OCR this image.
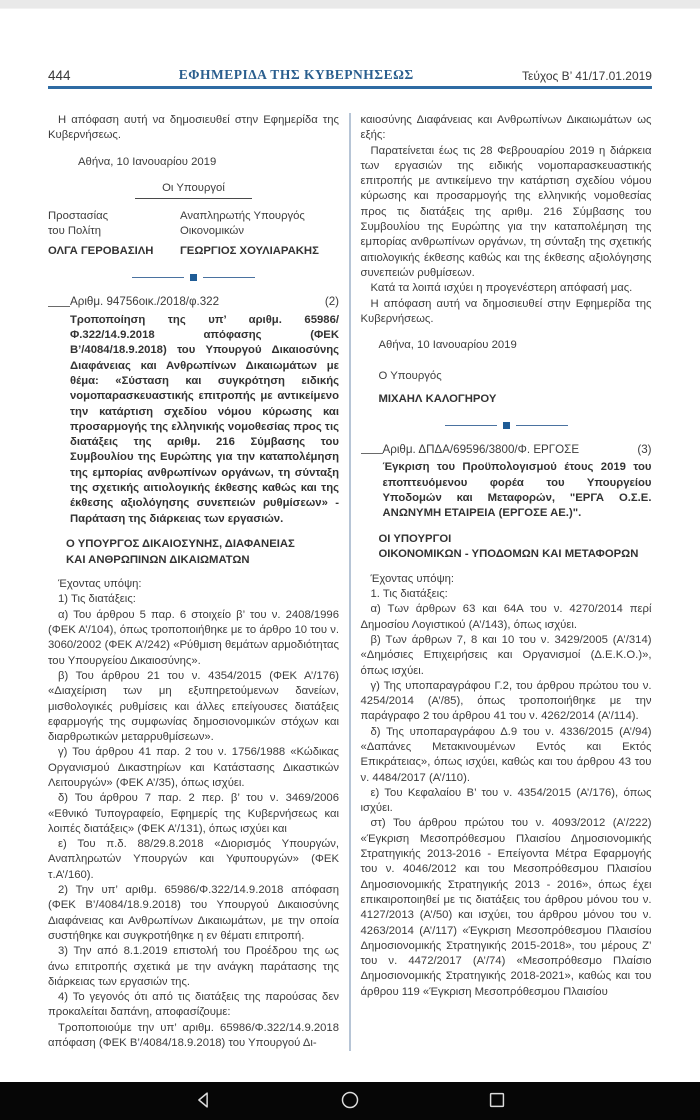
444	ΕΦΗΜΕΡΙΔΑ ΤΗΣ ΚΥΒΕΡΝΗΣΕΩΣ	Τεύχος Β’ 41/17.01.2019

Η απόφαση αυτή να δημοσιευθεί στην Εφημερίδα της Κυβερνήσεως.

Αθήνα, 10 Ιανουαρίου 2019

Οι Υπουργοί
Προστασίας
του Πολίτη
ΟΛΓΑ ΓΕΡΟΒΑΣΙΛΗ
Αναπληρωτής Υπουργός
Οικονομικών
ΓΕΩΡΓΙΟΣ ΧΟΥΛΙΑΡΑΚΗΣ

Αριθμ. 94756οικ./2018/φ.322	(2)

Τροποποίηση της υπ’ αριθμ. 65986/Φ.322/14.9.2018 απόφασης (ΦΕΚ Β’/4084/18.9.2018) του Υπουργού Δικαιοσύνης Διαφάνειας και Ανθρωπίνων Δικαιωμάτων με θέμα: «Σύσταση και συγκρότηση ειδικής νομοπαρασκευαστικής επιτροπής με αντικείμενο την κατάρτιση σχεδίου νόμου κύρωσης και προσαρμογής της ελληνικής νομοθεσίας προς τις διατάξεις της αριθμ. 216 Σύμβασης του Συμβουλίου της Ευρώπης για την καταπολέμηση της εμπορίας ανθρωπίνων οργάνων, τη σύνταξη της σχετικής αιτιολογικής έκθεσης καθώς και της έκθεσης αξιολόγησης συνεπειών ρυθμίσεων» - Παράταση της διάρκειας των εργασιών.

Ο ΥΠΟΥΡΓΟΣ ΔΙΚΑΙΟΣΥΝΗΣ, ΔΙΑΦΑΝΕΙΑΣ
ΚΑΙ ΑΝΘΡΩΠΙΝΩΝ ΔΙΚΑΙΩΜΑΤΩΝ

Έχοντας υπόψη:

1) Τις διατάξεις:

α) Του άρθρου 5 παρ. 6 στοιχείο β’ του ν. 2408/1996 (ΦΕΚ Α’/104), όπως τροποποιήθηκε με το άρθρο 10 του ν. 3060/2002 (ΦΕΚ Α’/242) «Ρύθμιση θεμάτων αρμοδιότητας του Υπουργείου Δικαιοσύνης».

β) Του άρθρου 21 του ν. 4354/2015 (ΦΕΚ Α’/176) «Διαχείριση των μη εξυπηρετούμενων δανείων, μισθολογικές ρυθμίσεις και άλλες επείγουσες διατάξεις εφαρμογής της συμφωνίας δημοσιονομικών στόχων και διαρθρωτικών μεταρρυθμίσεων».

γ) Του άρθρου 41 παρ. 2 του ν. 1756/1988 «Κώδικας Οργανισμού Δικαστηρίων και Κατάστασης Δικαστικών Λειτουργών» (ΦΕΚ Α’/35), όπως ισχύει.

δ) Του άρθρου 7 παρ. 2 περ. β’ του ν. 3469/2006 «Εθνικό Τυπογραφείο, Εφημερίς της Κυβερνήσεως και λοιπές διατάξεις» (ΦΕΚ Α’/131), όπως ισχύει και

ε) Του π.δ. 88/29.8.2018 «Διορισμός Υπουργών, Αναπληρωτών Υπουργών και Υφυπουργών» (ΦΕΚ τ.Α’/160).

2) Την υπ’ αριθμ. 65986/Φ.322/14.9.2018 απόφαση (ΦΕΚ Β’/4084/18.9.2018) του Υπουργού Δικαιοσύνης Διαφάνειας και Ανθρωπίνων Δικαιωμάτων, με την οποία συστήθηκε και συγκροτήθηκε η εν θέματι επιτροπή.

3) Την από 8.1.2019 επιστολή του Προέδρου της ως άνω επιτροπής σχετικά με την ανάγκη παράτασης της διάρκειας των εργασιών της.

4) Το γεγονός ότι από τις διατάξεις της παρούσας δεν προκαλείται δαπάνη, αποφασίζουμε:

Τροποποιούμε την υπ’ αριθμ. 65986/Φ.322/14.9.2018 απόφαση (ΦΕΚ Β’/4084/18.9.2018) του Υπουργού Δι-

καιοσύνης Διαφάνειας και Ανθρωπίνων Δικαιωμάτων ως εξής:

Παρατείνεται έως τις 28 Φεβρουαρίου 2019 η διάρκεια των εργασιών της ειδικής νομοπαρασκευαστικής επιτροπής με αντικείμενο την κατάρτιση σχεδίου νόμου κύρωσης και προσαρμογής της ελληνικής νομοθεσίας προς τις διατάξεις της αριθμ. 216 Σύμβασης του Συμβουλίου της Ευρώπης για την καταπολέμηση της εμπορίας ανθρωπίνων οργάνων, τη σύνταξη της σχετικής αιτιολογικής έκθεσης καθώς και της έκθεσης αξιολόγησης συνεπειών ρυθμίσεων.

Κατά τα λοιπά ισχύει η προγενέστερη απόφασή μας.

Η απόφαση αυτή να δημοσιευθεί στην Εφημερίδα της Κυβερνήσεως.

Αθήνα, 10 Ιανουαρίου 2019

Ο Υπουργός

ΜΙΧΑΗΛ ΚΑΛΟΓΗΡΟΥ

Αριθμ. ΔΠΔΑ/69596/3800/Φ. ΕΡΓΟΣΕ	(3)

Έγκριση του Προϋπολογισμού έτους 2019 του εποπτευόμενου φορέα του Υπουργείου Υποδομών και Μεταφορών, "ΕΡΓΑ Ο.Σ.Ε. ΑΝΩΝΥΜΗ ΕΤΑΙΡΕΙΑ (ΕΡΓΟΣΕ ΑΕ.)".

ΟΙ ΥΠΟΥΡΓΟΙ
ΟΙΚΟΝΟΜΙΚΩΝ - ΥΠΟΔΟΜΩΝ ΚΑΙ ΜΕΤΑΦΟΡΩΝ

Έχοντας υπόψη:

1. Τις διατάξεις:

α) Των άρθρων 63 και 64Α του ν. 4270/2014 περί Δημοσίου Λογιστικού (Α’/143), όπως ισχύει.

β) Των άρθρων 7, 8 και 10 του ν. 3429/2005 (Α’/314) «Δημόσιες Επιχειρήσεις και Οργανισμοί (Δ.Ε.Κ.Ο.)», όπως ισχύει.

γ) Της υποπαραγράφου Γ.2, του άρθρου πρώτου του ν. 4254/2014 (Α’/85), όπως τροποποιήθηκε με την παράγραφο 2 του άρθρου 41 του ν. 4262/2014 (Α’/114).

δ) Της υποπαραγράφου Δ.9 του ν. 4336/2015 (Α’/94) «Δαπάνες Μετακινουμένων Εντός και Εκτός Επικράτειας», όπως ισχύει, καθώς και του άρθρου 43 του ν. 4484/2017 (Α’/110).

ε) Του Κεφαλαίου Β’ του ν. 4354/2015 (Α’/176), όπως ισχύει.

στ) Του άρθρου πρώτου του ν. 4093/2012 (Α’/222) «Έγκριση Μεσοπρόθεσμου Πλαισίου Δημοσιονομικής Στρατηγικής 2013-2016 - Επείγοντα Μέτρα Εφαρμογής του ν. 4046/2012 και του Μεσοπρόθεσμου Πλαισίου Δημοσιονομικής Στρατηγικής 2013 - 2016», όπως έχει επικαιροποιηθεί με τις διατάξεις του άρθρου μόνου του ν. 4127/2013 (Α’/50) και ισχύει, του άρθρου μόνου του ν. 4263/2014 (Α’/117) «Έγκριση Μεσοπρόθεσμου Πλαισίου Δημοσιονομικής Στρατηγικής 2015-2018», του μέρους Ζ’ του ν. 4472/2017 (Α’/74) «Μεσοπρόθεσμο Πλαίσιο Δημοσιονομικής Στρατηγικής 2018-2021», καθώς και του άρθρου 119 «Έγκριση Μεσοπρόθεσμου Πλαισίου
